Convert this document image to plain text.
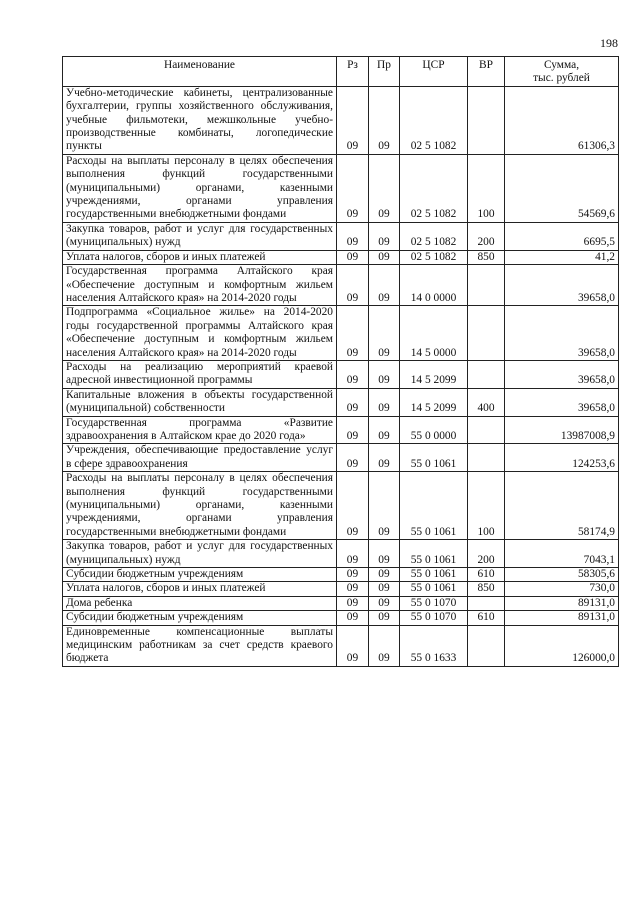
198
Наименование	Рз	Пр	ЦСР	ВР	Сумма,
тыс. рублей
Учебно-методические кабинеты, централизованные бухгалтерии, группы хозяйственного обслуживания, учебные фильмотеки, межшкольные учебно-производственные комбинаты, логопедические пункты	09	09	02 5 1082		61306,3
Расходы на выплаты персоналу в целях обеспечения выполнения функций государственными (муниципальными) органами, казенными учреждениями, органами управления государственными внебюджетными фондами	09	09	02 5 1082	100	54569,6
Закупка товаров, работ и услуг для государственных (муниципальных) нужд	09	09	02 5 1082	200	6695,5
Уплата налогов, сборов и иных платежей	09	09	02 5 1082	850	41,2
Государственная программа Алтайского края «Обеспечение доступным и комфортным жильем населения Алтайского края» на 2014-2020 годы	09	09	14 0 0000		39658,0
Подпрограмма «Социальное жилье» на 2014-2020 годы государственной программы Алтайского края «Обеспечение доступным и комфортным жильем населения Алтайского края» на 2014-2020 годы	09	09	14 5 0000		39658,0
Расходы на реализацию мероприятий краевой адресной инвестиционной программы	09	09	14 5 2099		39658,0
Капитальные вложения в объекты государственной (муниципальной) собственности	09	09	14 5 2099	400	39658,0
Государственная программа «Развитие здравоохранения в Алтайском крае до 2020 года»	09	09	55 0 0000		13987008,9
Учреждения, обеспечивающие предоставление услуг в сфере здравоохранения	09	09	55 0 1061		124253,6
Расходы на выплаты персоналу в целях обеспечения выполнения функций государственными (муниципальными) органами, казенными учреждениями, органами управления государственными внебюджетными фондами	09	09	55 0 1061	100	58174,9
Закупка товаров, работ и услуг для государственных (муниципальных) нужд	09	09	55 0 1061	200	7043,1
Субсидии бюджетным учреждениям	09	09	55 0 1061	610	58305,6
Уплата налогов, сборов и иных платежей	09	09	55 0 1061	850	730,0
Дома ребенка	09	09	55 0 1070		89131,0
Субсидии бюджетным учреждениям	09	09	55 0 1070	610	89131,0
Единовременные компенсационные выплаты медицинским работникам за счет средств краевого бюджета	09	09	55 0 1633		126000,0
